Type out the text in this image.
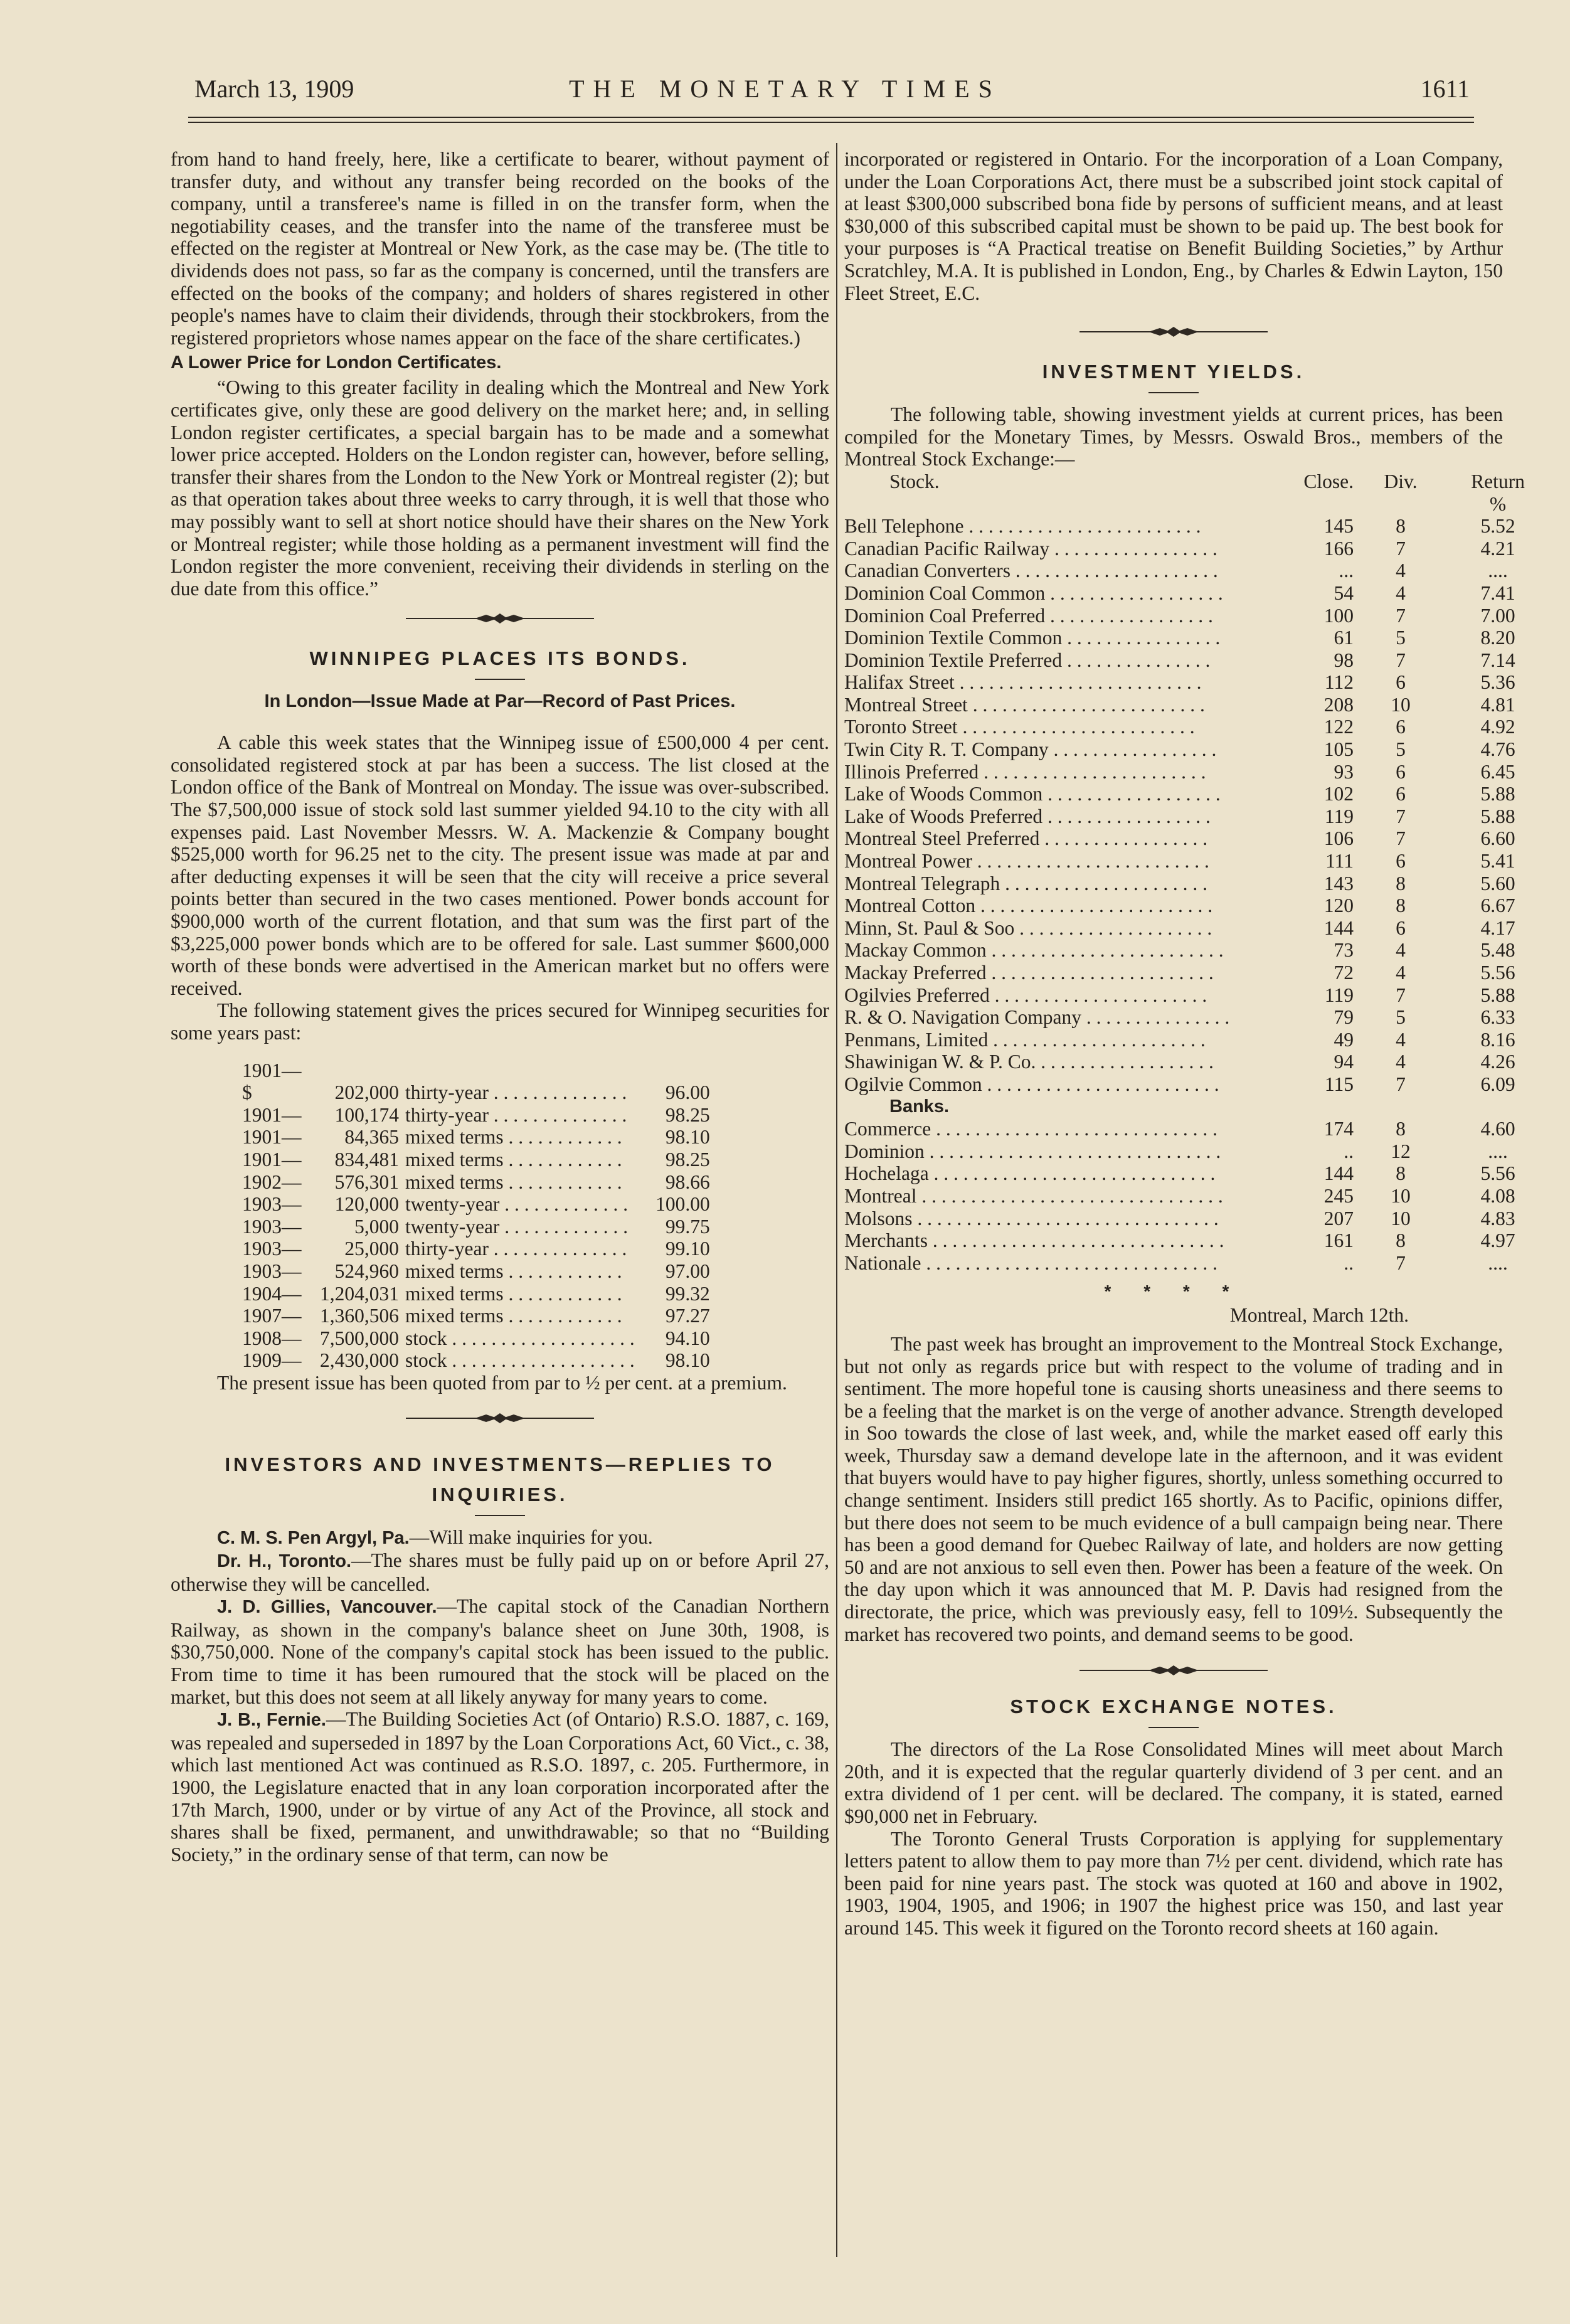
March 13, 1909	THE MONETARY TIMES	1611

from hand to hand freely, here, like a certificate to bearer, without payment of transfer duty, and without any transfer being recorded on the books of the company, until a transferee's name is filled in on the transfer form, when the negotiability ceases, and the transfer into the name of the transferee must be effected on the register at Montreal or New York, as the case may be. (The title to dividends does not pass, so far as the company is concerned, until the transfers are effected on the books of the company; and holders of shares registered in other people's names have to claim their dividends, through their stockbrokers, from the registered proprietors whose names appear on the face of the share certificates.)

A Lower Price for London Certificates.

“Owing to this greater facility in dealing which the Montreal and New York certificates give, only these are good delivery on the market here; and, in selling London register certificates, a special bargain has to be made and a somewhat lower price accepted. Holders on the London register can, however, before selling, transfer their shares from the London to the New York or Montreal register (2); but as that operation takes about three weeks to carry through, it is well that those who may possibly want to sell at short notice should have their shares on the New York or Montreal register; while those holding as a permanent investment will find the London register the more convenient, receiving their dividends in sterling on the due date from this office.”

WINNIPEG PLACES ITS BONDS.
In London—Issue Made at Par—Record of Past Prices.

A cable this week states that the Winnipeg issue of £500,000 4 per cent. consolidated registered stock at par has been a success. The list closed at the London office of the Bank of Montreal on Monday. The issue was over-subscribed. The $7,500,000 issue of stock sold last summer yielded 94.10 to the city with all expenses paid. Last November Messrs. W. A. Mackenzie & Company bought $525,000 worth for 96.25 net to the city. The present issue was made at par and after deducting expenses it will be seen that the city will receive a price several points better than secured in the two cases mentioned. Power bonds account for $900,000 worth of the current flotation, and that sum was the first part of the $3,225,000 power bonds which are to be offered for sale. Last summer $600,000 worth of these bonds were advertised in the American market but no offers were received.

The following statement gives the prices secured for Winnipeg securities for some years past:

1901—$	202,000	thirty-year . . . . . . . . . . . . . .	96.00
1901—	100,174	thirty-year . . . . . . . . . . . . . .	98.25
1901—	84,365	mixed terms . . . . . . . . . . . .	98.10
1901—	834,481	mixed terms . . . . . . . . . . . .	98.25
1902—	576,301	mixed terms . . . . . . . . . . . .	98.66
1903—	120,000	twenty-year . . . . . . . . . . . . .	100.00
1903—	5,000	twenty-year . . . . . . . . . . . . .	99.75
1903—	25,000	thirty-year . . . . . . . . . . . . . .	99.10
1903—	524,960	mixed terms . . . . . . . . . . . .	97.00
1904—	1,204,031	mixed terms . . . . . . . . . . . .	99.32
1907—	1,360,506	mixed terms . . . . . . . . . . . .	97.27
1908—	7,500,000	stock . . . . . . . . . . . . . . . . . . .	94.10
1909—	2,430,000	stock . . . . . . . . . . . . . . . . . . .	98.10

The present issue has been quoted from par to ½ per cent. at a premium.

INVESTORS AND INVESTMENTS—REPLIES TO
INQUIRIES.

C. M. S. Pen Argyl, Pa.—Will make inquiries for you.

Dr. H., Toronto.—The shares must be fully paid up on or before April 27, otherwise they will be cancelled.

J. D. Gillies, Vancouver.—The capital stock of the Canadian Northern Railway, as shown in the company's balance sheet on June 30th, 1908, is $30,750,000. None of the company's capital stock has been issued to the public. From time to time it has been rumoured that the stock will be placed on the market, but this does not seem at all likely anyway for many years to come.

J. B., Fernie.—The Building Societies Act (of Ontario) R.S.O. 1887, c. 169, was repealed and superseded in 1897 by the Loan Corporations Act, 60 Vict., c. 38, which last mentioned Act was continued as R.S.O. 1897, c. 205. Furthermore, in 1900, the Legislature enacted that in any loan corporation incorporated after the 17th March, 1900, under or by virtue of any Act of the Province, all stock and shares shall be fixed, permanent, and unwithdrawable; so that no “Building Society,” in the ordinary sense of that term, can now be

incorporated or registered in Ontario. For the incorporation of a Loan Company, under the Loan Corporations Act, there must be a subscribed joint stock capital of at least $300,000 subscribed bona fide by persons of sufficient means, and at least $30,000 of this subscribed capital must be shown to be paid up. The best book for your purposes is “A Practical treatise on Benefit Building Societies,” by Arthur Scratchley, M.A. It is published in London, Eng., by Charles & Edwin Layton, 150 Fleet Street, E.C.

INVESTMENT YIELDS.

The following table, showing investment yields at current prices, has been compiled for the Monetary Times, by Messrs. Oswald Bros., members of the Montreal Stock Exchange:—

Stock.	Close.	Div.	Return
%
Bell Telephone . . . . . . . . . . . . . . . . . . . . . . . .	145	8	5.52
Canadian Pacific Railway . . . . . . . . . . . . . . . . .	166	7	4.21
Canadian Converters . . . . . . . . . . . . . . . . . . . . .	...	4	....
Dominion Coal Common . . . . . . . . . . . . . . . . . .	54	4	7.41
Dominion Coal Preferred . . . . . . . . . . . . . . . . .	100	7	7.00
Dominion Textile Common . . . . . . . . . . . . . . . .	61	5	8.20
Dominion Textile Preferred . . . . . . . . . . . . . . .	98	7	7.14
Halifax Street . . . . . . . . . . . . . . . . . . . . . . . . .	112	6	5.36
Montreal Street . . . . . . . . . . . . . . . . . . . . . . . .	208	10	4.81
Toronto Street . . . . . . . . . . . . . . . . . . . . . . . .	122	6	4.92
Twin City R. T. Company . . . . . . . . . . . . . . . . .	105	5	4.76
Illinois Preferred . . . . . . . . . . . . . . . . . . . . . . .	93	6	6.45
Lake of Woods Common . . . . . . . . . . . . . . . . . .	102	6	5.88
Lake of Woods Preferred . . . . . . . . . . . . . . . . .	119	7	5.88
Montreal Steel Preferred . . . . . . . . . . . . . . . . .	106	7	6.60
Montreal Power . . . . . . . . . . . . . . . . . . . . . . . .	111	6	5.41
Montreal Telegraph . . . . . . . . . . . . . . . . . . . . .	143	8	5.60
Montreal Cotton . . . . . . . . . . . . . . . . . . . . . . . .	120	8	6.67
Minn, St. Paul & Soo . . . . . . . . . . . . . . . . . . . .	144	6	4.17
Mackay Common . . . . . . . . . . . . . . . . . . . . . . . .	73	4	5.48
Mackay Preferred . . . . . . . . . . . . . . . . . . . . . . .	72	4	5.56
Ogilvies Preferred . . . . . . . . . . . . . . . . . . . . . .	119	7	5.88
R. & O. Navigation Company . . . . . . . . . . . . . . .	79	5	6.33
Penmans, Limited . . . . . . . . . . . . . . . . . . . . . .	49	4	8.16
Shawinigan W. & P. Co. . . . . . . . . . . . . . . . . . .	94	4	4.26
Ogilvie Common . . . . . . . . . . . . . . . . . . . . . . . .	115	7	6.09
Banks.			
Commerce . . . . . . . . . . . . . . . . . . . . . . . . . . . . .	174	8	4.60
Dominion . . . . . . . . . . . . . . . . . . . . . . . . . . . . . .	..	12	....
Hochelaga . . . . . . . . . . . . . . . . . . . . . . . . . . . . .	144	8	5.56
Montreal . . . . . . . . . . . . . . . . . . . . . . . . . . . . . . .	245	10	4.08
Molsons . . . . . . . . . . . . . . . . . . . . . . . . . . . . . . .	207	10	4.83
Merchants . . . . . . . . . . . . . . . . . . . . . . . . . . . . . .	161	8	4.97
Nationale . . . . . . . . . . . . . . . . . . . . . . . . . . . . . .	..	7	....
* * * *

Montreal, March 12th.

The past week has brought an improvement to the Montreal Stock Exchange, but not only as regards price but with respect to the volume of trading and in sentiment. The more hopeful tone is causing shorts uneasiness and there seems to be a feeling that the market is on the verge of another advance. Strength developed in Soo towards the close of last week, and, while the market eased off early this week, Thursday saw a demand develope late in the afternoon, and it was evident that buyers would have to pay higher figures, shortly, unless something occurred to change sentiment. Insiders still predict 165 shortly. As to Pacific, opinions differ, but there does not seem to be much evidence of a bull campaign being near. There has been a good demand for Quebec Railway of late, and holders are now getting 50 and are not anxious to sell even then. Power has been a feature of the week. On the day upon which it was announced that M. P. Davis had resigned from the directorate, the price, which was previously easy, fell to 109½. Subsequently the market has recovered two points, and demand seems to be good.

STOCK EXCHANGE NOTES.

The directors of the La Rose Consolidated Mines will meet about March 20th, and it is expected that the regular quarterly dividend of 3 per cent. and an extra dividend of 1 per cent. will be declared. The company, it is stated, earned $90,000 net in February.

The Toronto General Trusts Corporation is applying for supplementary letters patent to allow them to pay more than 7½ per cent. dividend, which rate has been paid for nine years past. The stock was quoted at 160 and above in 1902, 1903, 1904, 1905, and 1906; in 1907 the highest price was 150, and last year around 145. This week it figured on the Toronto record sheets at 160 again.
